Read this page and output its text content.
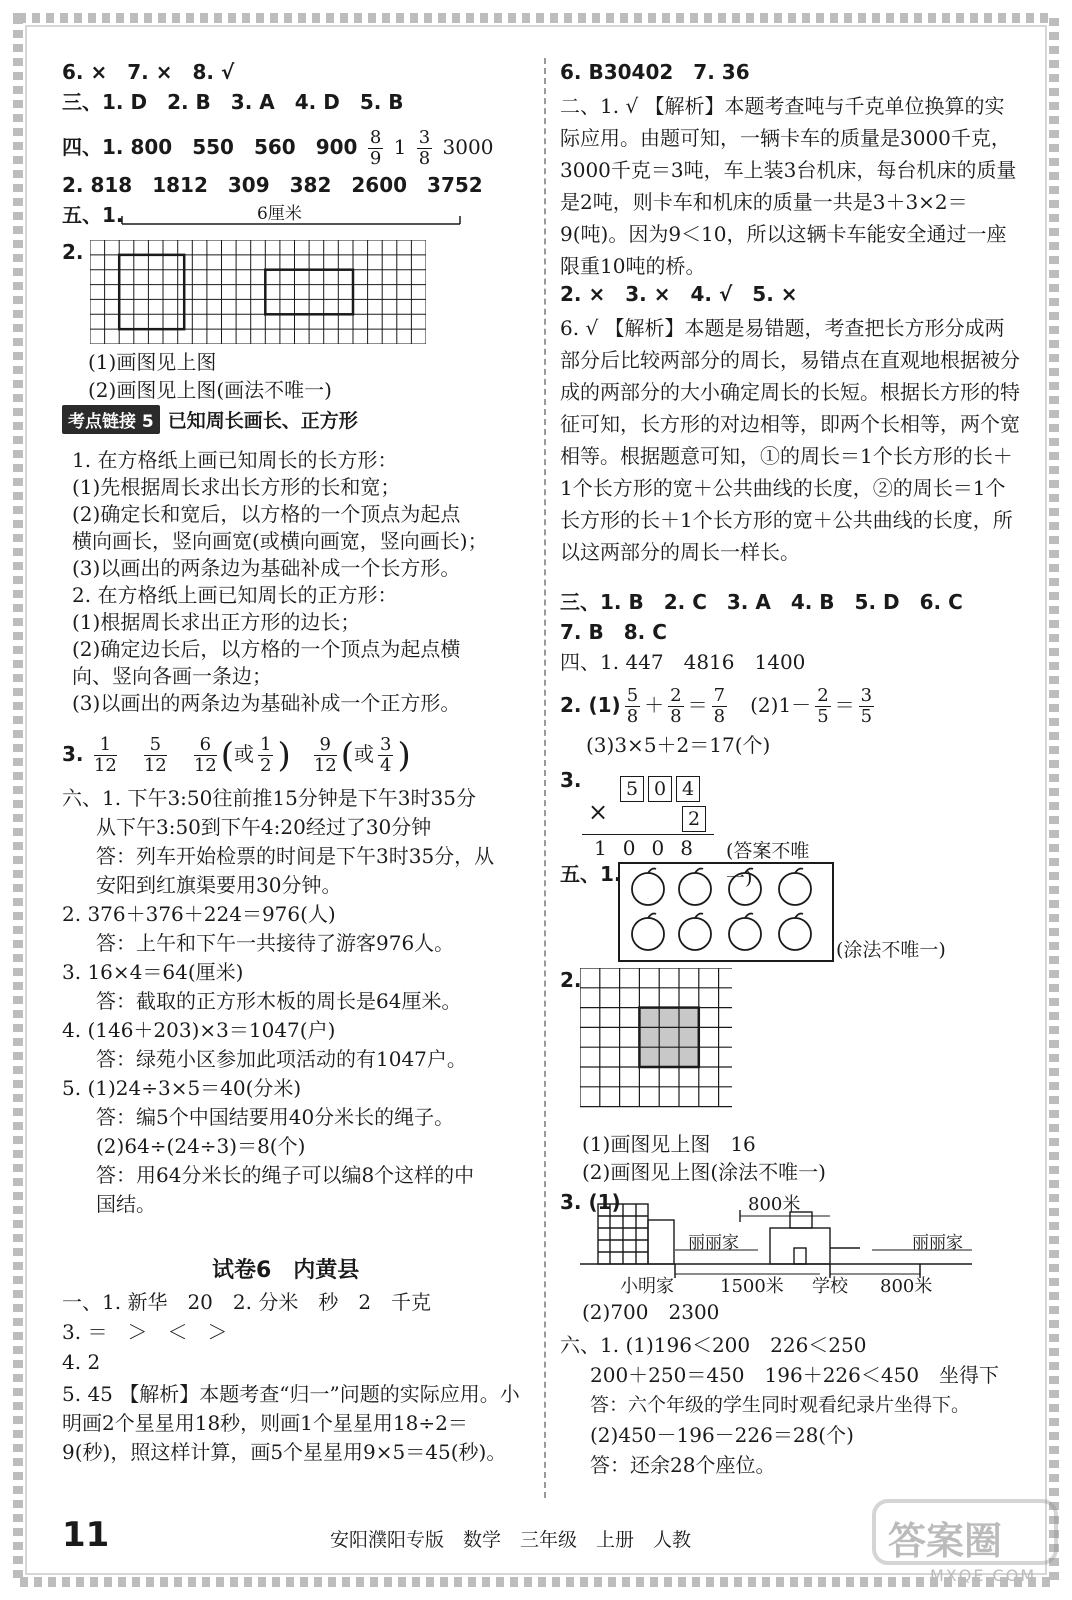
6. ×　7. ×　8. √
三、1. D　2. B　3. A　4. D　5. B
四、1. 800　550　560　$900 \frac{8}{9} 1 \frac{3}{8} 3000$
2. 818　1812　309　382　2600　3752
五、1.	6厘米
2.
(1)画图见上图
(2)画图见上图(画法不唯一)
考点链接 5 已知周长画长、正方形
1. 在方格纸上画已知周长的长方形：
(1)先根据周长求出长方形的长和宽；
(2)确定长和宽后，以方格的一个顶点为起点
横向画长，竖向画宽(或横向画宽，竖向画长)；
(3)以画出的两条边为基础补成一个长方形。
2. 在方格纸上画已知周长的正方形：
(1)根据周长求出正方形的边长；
(2)确定边长后，以方格的一个顶点为起点横
向、竖向各画一条边；
(3)以画出的两条边为基础补成一个正方形。
3. $\frac{1}{12}$
$\frac{5}{12}$
$\frac{6}{12}$ (或 $\frac{1}{2}$ ) $\frac{9}{12}$ (或 $\frac{3}{4}$ )
六、1. 下午3:50往前推15分钟是下午3时35分
从下午3:50到下午4:20经过了30分钟
答：列车开始检票的时间是下午3时35分，从
安阳到红旗渠要用30分钟。
2. 376＋376＋224＝976(人)
答：上午和下午一共接待了游客976人。
3. 16×4＝64(厘米)
答：截取的正方形木板的周长是64厘米。
4. (146＋203)×3＝1047(户)
答：绿苑小区参加此项活动的有1047户。
5. (1)24÷3×5＝40(分米)
答：编5个中国结要用40分米长的绳子。
(2)64÷(24÷3)＝8(个)
答：用64分米长的绳子可以编8个这样的中
国结。
试卷6　内黄县
一、1. 新华　20　2. 分米　秒　2　千克
3. ＝　＞　＜　＞
4. 2
5. 45 【解析】本题考查“归一”问题的实际应用。小明画2个星星用18秒，则画1个星星用18÷2＝9(秒)，照这样计算，画5个星星用9×5＝45(秒)。
6. B30402　7. 36
二、1. √ 【解析】本题考查吨与千克单位换算的实际应用。由题可知，一辆卡车的质量是3000千克，3000千克＝3吨，车上装3台机床，每台机床的质量是2吨，则卡车和机床的质量一共是3＋3×2＝9(吨)。因为9＜10，所以这辆卡车能安全通过一座限重10吨的桥。
2. ×　3. ×　4. √　5. ×
6. √ 【解析】本题是易错题，考查把长方形分成两部分后比较两部分的周长，易错点在直观地根据被分成的两部分的大小确定周长的长短。根据长方形的特征可知，长方形的对边相等，即两个长相等，两个宽相等。根据题意可知，①的周长＝1个长方形的长＋1个长方形的宽＋公共曲线的长度，②的周长＝1个长方形的长＋1个长方形的宽＋公共曲线的长度，所以这两部分的周长一样长。
三、1. B　2. C　3. A　4. B　5. D　6. C
7. B　8. C
四、1. 447　4816　1400
2. $(1) \frac{5}{8} + \frac{2}{8} = \frac{7}{8} (2)1- \frac{2}{5} = \frac{3}{5}$
(3)3×5＋2＝17(个)
3.	5 0 4
×	2
1008 (答案不唯一)
五、1.
(涂法不唯一)
2.
(1)画图见上图　16
(2)画图见上图(涂法不唯一)
3. (1)	800米
丽丽家	丽丽家
小明家	1500米 学校 800米
(2)700　2300
六、1. (1)196＜200　226＜250
200＋250＝450　196＋226＜450　坐得下
答：六个年级的学生同时观看纪录片坐得下。
(2)450－196－226＝28(个)
答：还余28个座位。
11	安阳濮阳专版　数学　三年级　上册　人教	答案圈
MXQE.COM
